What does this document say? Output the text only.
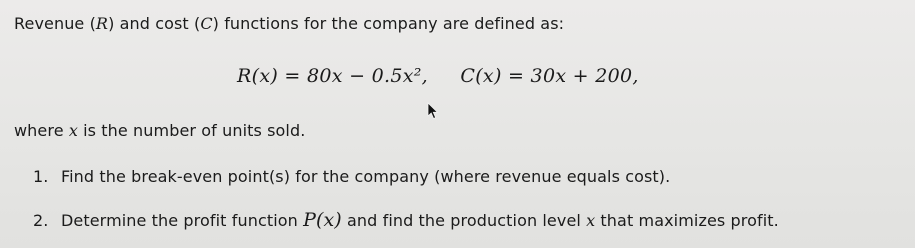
Revenue (R) and cost (C) functions for the company are defined as:
R(x) = 80x − 0.5x², C(x) = 30x + 200,
where x is the number of units sold.
1. Find the break-even point(s) for the company (where revenue equals cost).
2. Determine the profit function P(x) and find the production level x that maximizes profit.
